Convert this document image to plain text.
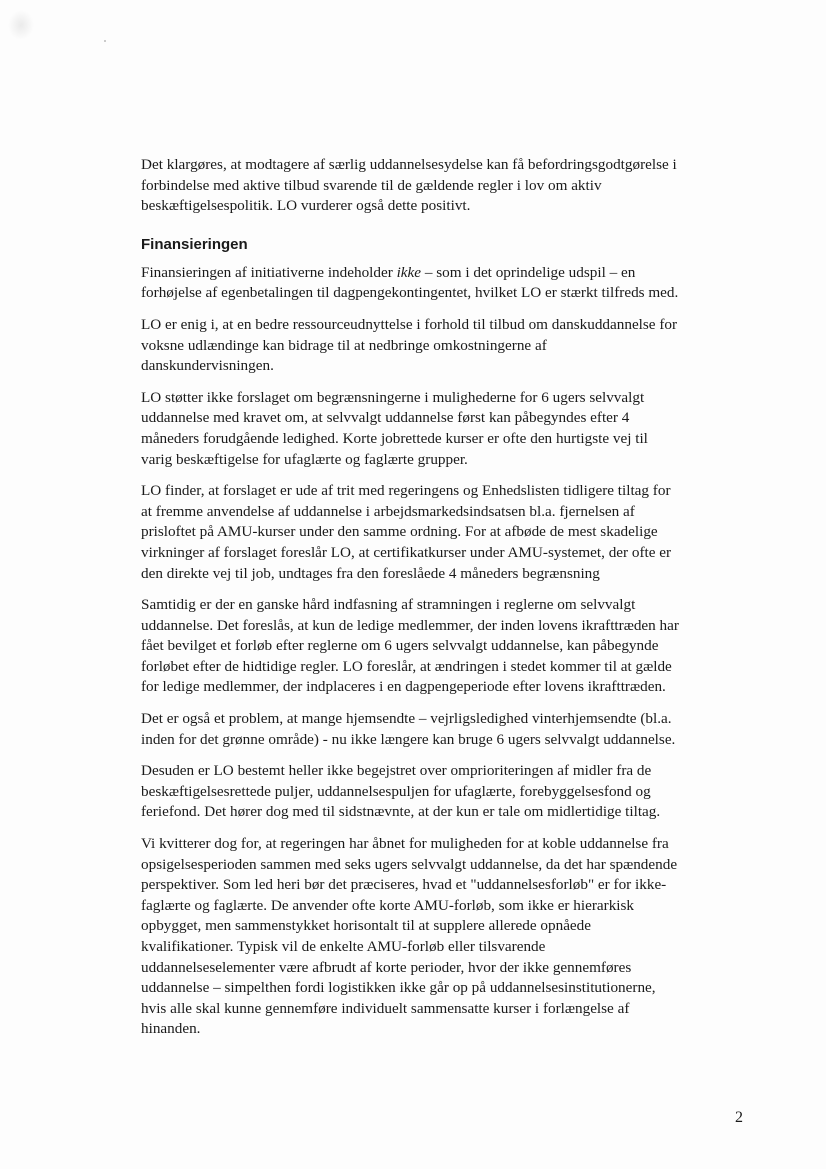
Det klargøres, at modtagere af særlig uddannelsesydelse kan få befordringsgodtgørelse i forbindelse med aktive tilbud svarende til de gældende regler i lov om aktiv beskæftigelsespolitik. LO vurderer også dette positivt.

Finansieringen

Finansieringen af initiativerne indeholder ikke – som i det oprindelige udspil – en forhøjelse af egenbetalingen til dagpengekontingentet, hvilket LO er stærkt tilfreds med.

LO er enig i, at en bedre ressourceudnyttelse i forhold til tilbud om danskuddannelse for voksne udlændinge kan bidrage til at nedbringe omkostningerne af danskundervisningen.

LO støtter ikke forslaget om begrænsningerne i mulighederne for 6 ugers selvvalgt uddannelse med kravet om, at selvvalgt uddannelse først kan påbegyndes efter 4 måneders forudgående ledighed. Korte jobrettede kurser er ofte den hurtigste vej til varig beskæftigelse for ufaglærte og faglærte grupper.

LO finder, at forslaget er ude af trit med regeringens og Enhedslisten tidligere tiltag for at fremme anvendelse af uddannelse i arbejdsmarkedsindsatsen bl.a. fjernelsen af prisloftet på AMU-kurser under den samme ordning. For at afbøde de mest skadelige virkninger af forslaget foreslår LO, at certifikatkurser under AMU-systemet, der ofte er den direkte vej til job, undtages fra den foreslåede 4 måneders begrænsning

Samtidig er der en ganske hård indfasning af stramningen i reglerne om selvvalgt uddannelse. Det foreslås, at kun de ledige medlemmer, der inden lovens ikrafttræden har fået bevilget et forløb efter reglerne om 6 ugers selvvalgt uddannelse, kan påbegynde forløbet efter de hidtidige regler. LO foreslår, at ændringen i stedet kommer til at gælde for ledige medlemmer, der indplaceres i en dagpengeperiode efter lovens ikrafttræden.

Det er også et problem, at mange hjemsendte – vejrligsledighed vinterhjemsendte (bl.a. inden for det grønne område) - nu ikke længere kan bruge 6 ugers selvvalgt uddannelse.

Desuden er LO bestemt heller ikke begejstret over omprioriteringen af midler fra de beskæftigelsesrettede puljer, uddannelsespuljen for ufaglærte, forebyggelsesfond og feriefond. Det hører dog med til sidstnævnte, at der kun er tale om midlertidige tiltag.

Vi kvitterer dog for, at regeringen har åbnet for muligheden for at koble uddannelse fra opsigelsesperioden sammen med seks ugers selvvalgt uddannelse, da det har spændende perspektiver. Som led heri bør det præciseres, hvad et "uddannelsesforløb" er for ikke-faglærte og faglærte. De anvender ofte korte AMU-forløb, som ikke er hierarkisk opbygget, men sammenstykket horisontalt til at supplere allerede opnåede kvalifikationer. Typisk vil de enkelte AMU-forløb eller tilsvarende uddannelseselementer være afbrudt af korte perioder, hvor der ikke gennemføres uddannelse – simpelthen fordi logistikken ikke går op på uddannelsesinstitutionerne, hvis alle skal kunne gennemføre individuelt sammensatte kurser i forlængelse af hinanden.

2
